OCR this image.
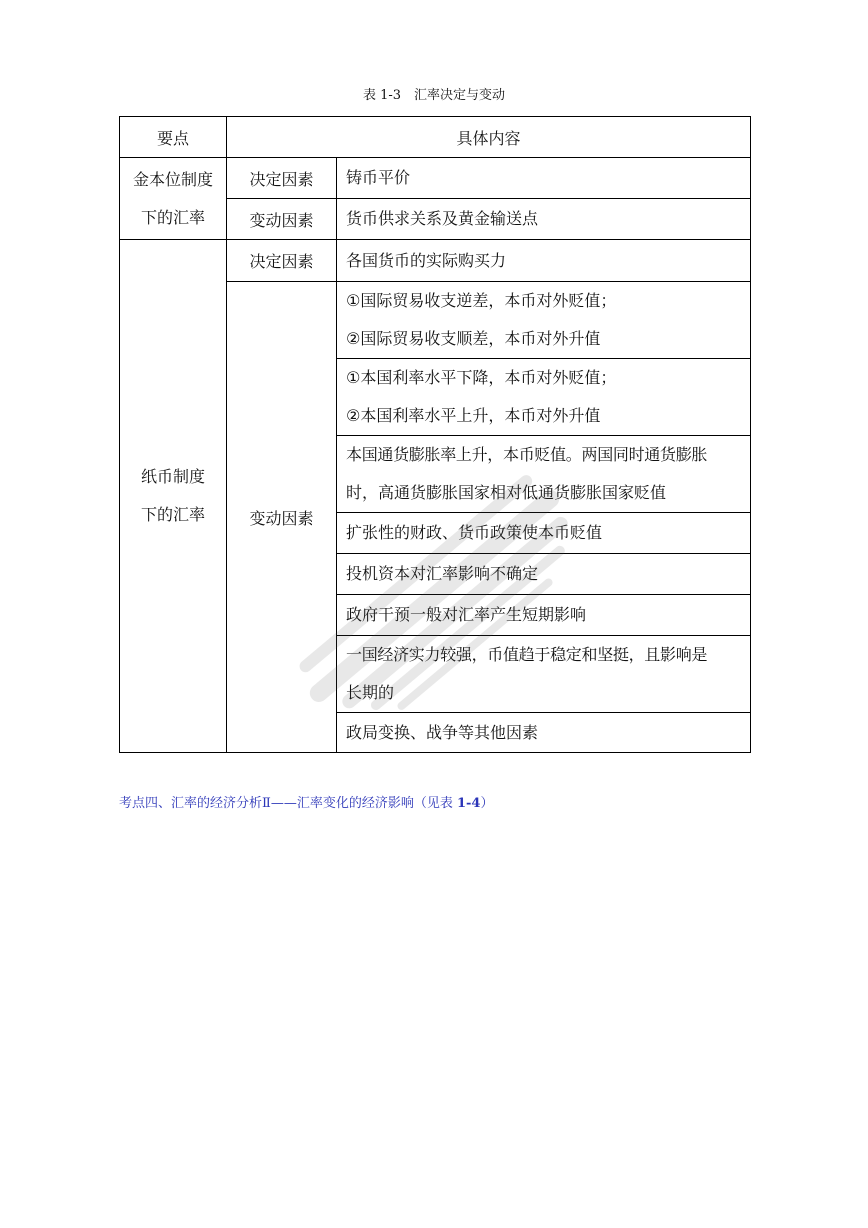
表 1-3　汇率决定与变动
要点	具体内容	

金本位制度
下的汇率	决定因素	铸币平价
	变动因素	货币供求关系及黄金输送点

纸币制度
下的汇率	决定因素	各国货币的实际购买力
	变动因素	①国际贸易收支逆差，本币对外贬值；
②国际贸易收支顺差，本币对外升值

		①本国利率水平下降，本币对外贬值；
②本国利率水平上升，本币对外升值

		本国通货膨胀率上升，本币贬值。两国同时通货膨胀
时，高通货膨胀国家相对低通货膨胀国家贬值

		扩张性的财政、货币政策使本币贬值
		投机资本对汇率影响不确定
		政府干预一般对汇率产生短期影响

		一国经济实力较强，币值趋于稳定和坚挺，且影响是
长期的

		政局变换、战争等其他因素
考点四、汇率的经济分析Ⅱ——汇率变化的经济影响（见表 1-4）
